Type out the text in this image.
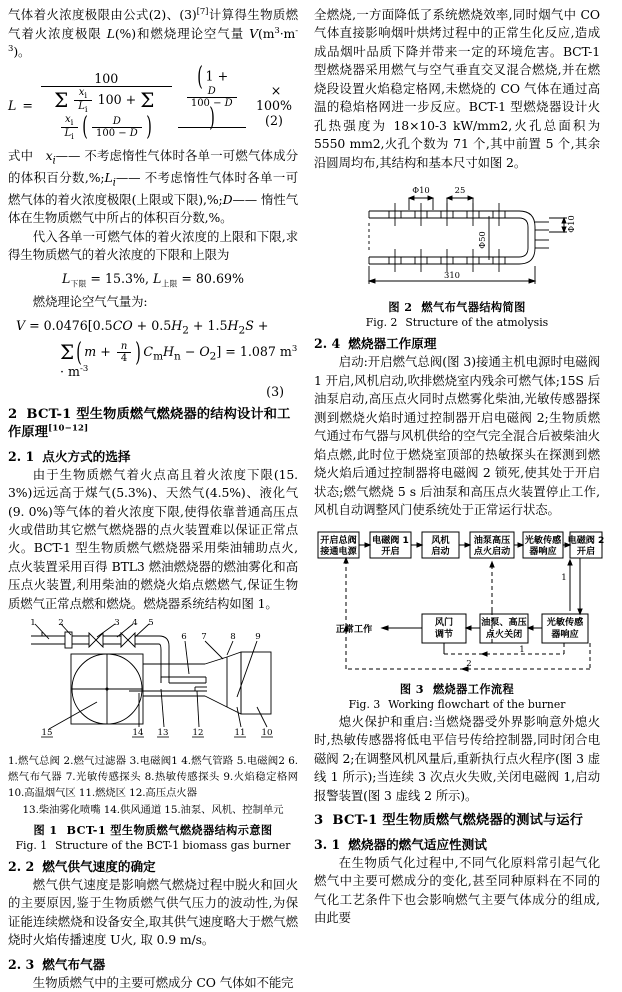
气体着火浓度极限由公式(2)、(3)[7]计算得生物质燃气着火浓度极限 L(%)和燃烧理论空气量 $V(m^3\cdot m^{-3})$。

L = 100
Σ $\frac{x_i}{L_i} 100 + \Sigma$
$\frac{x_i}{L_i}$ ( $\frac{D}{100 - D}$ )	( 1 +
$\frac{D}{100 - D}$
)

× 100% (2)

式中   $x_i——$ 不考虑惰性气体时各单一可燃气体成分的体积百分数$,\%;L_i——$ 不考虑惰性气体时各单一可燃气体的着火浓度极限(上限或下限),%;D—— 惰性气体在生物质燃气中所占的体积百分数,%。

代入各单一可燃气体的着火浓度的上限和下限,求得生物质燃气的着火浓度的下限和上限为

$L_{下限} = 15.3\%$, $L_{上限} = 80.69\%$

燃烧理论空气气量为:

$V = 0.0476[0.5CO + 0.5H_2 + 1.5H_2S$ +
Σ( $m + \frac{n}{4}$ ) $C_mH_n - O_2] = 1.087$ $m^3 \cdot m^{-3}$
(3)
2 BCT-1 型生物质燃气燃烧器的结构设计和工作原理[10−12]
2. 1 点火方式的选择

由于生物质燃气着火点高且着火浓度下限(15. 3%)远远高于煤气(5.3%)、天然气(4.5%)、液化气(9. 0%)等气体的着火浓度下限,使得依靠普通高压点火或借助其它燃气燃烧器的点火装置难以保证正常点火。BCT-1 型生物质燃气燃烧器采用柴油辅助点火,点火装置采用百得 BTL3 燃油燃烧器的燃油雾化和高压点火装置,利用柴油的燃烧火焰点燃燃气,保证生物质燃气正常点燃和燃烧。燃烧器系统结构如图 1。

1	2	3 4 5
6 7	8 9
15	14 13	12	11 10

1.燃气总阀 2.燃气过滤器 3.电磁阀1 4.燃气管路 5.电磁阀2 6.燃气布气器 7.光敏传感探头 8.热敏传感探头 9.火焰稳定格网 10.高温烟气区 11.燃烧区 12.高压点火器

13.柴油雾化喷嘴 14.供风通道 15.油泵、风机、控制单元

图 1 BCT-1 型生物质燃气燃烧器结构示意图
Fig. 1 Structure of the BCT-1 biomass gas burner
2. 2 燃气供气速度的确定

燃气供气速度是影响燃气燃烧过程中脱火和回火的主要原因,鉴于生物质燃气供气压力的波动性,为保证能连续燃烧和设备安全,取其供气速度略大于燃气燃烧时火焰传播速度 U火, 取 0.9 m/s。

2. 3 燃气布气器

生物质燃气中的主要可燃成分 CO 气体如不能完

全燃烧,一方面降低了系统燃烧效率,同时烟气中 CO 气体直接影响烟叶烘烤过程中的正常生化反应,造成成品烟叶品质下降并带来一定的环境危害。BCT-1 型燃烧器采用燃气与空气垂直交叉混合燃烧,并在燃烧段设置火焰稳定格网,未燃烧的 CO 气体在通过高温的稳焰格网进一步反应。BCT-1 型燃烧器设计火孔热强度为 18×10-3 kW/mm2,火孔总面积为 5550 mm2,火孔个数为 71 个,其中前置 5 个,其余沿圆周均布,其结构和基本尺寸如图 2。

Φ10	25
Φ50
Φ10
310
图 2 燃气布气器结构简图
Fig. 2 Structure of the atmolysis
2. 4 燃烧器工作原理

启动:开启燃气总阀(图 3)接通主机电源时电磁阀 1 开启,风机启动,吹排燃烧室内残余可燃气体;15S 后油泵启动,高压点火同时点燃雾化柴油,光敏传感器探测到燃烧火焰时通过控制器开启电磁阀 2;生物质燃气通过布气器与风机供给的空气完全混合后被柴油火焰点燃,此时位于燃烧室顶部的热敏探头在探测到燃烧火焰后通过控制器将电磁阀 2 锁死,使其处于开启状态;燃气燃烧 5 s 后油泵和高压点火装置停止工作,风机自动调整风门使系统处于正常运行状态。

开启总阀
接通电源
电磁阀 1
开启
风机
启动
油泵高压
点火启动
光敏传感
器响应
电磁阀 2
开启
正常工作
风门
调节
油泵、高压
点火关闭
光敏传感
器响应
1
1
2
图 3 燃烧器工作流程
Fig. 3 Working flowchart of the burner

熄火保护和重启:当燃烧器受外界影响意外熄火时,热敏传感器将低电平信号传给控制器,同时闭合电磁阀 2;在调整风机风量后,重新执行点火程序(图 3 虚线 1 所示);当连续 3 次点火失败,关闭电磁阀 1,启动报警装置(图 3 虚线 2 所示)。

3 BCT-1 型生物质燃气燃烧器的测试与运行
3. 1 燃烧器的燃气适应性测试

在生物质气化过程中,不同气化原料常引起气化燃气中主要可燃成分的变化,甚至同种原料在不同的气化工艺条件下也会影响燃气主要气体成分的组成,由此要
